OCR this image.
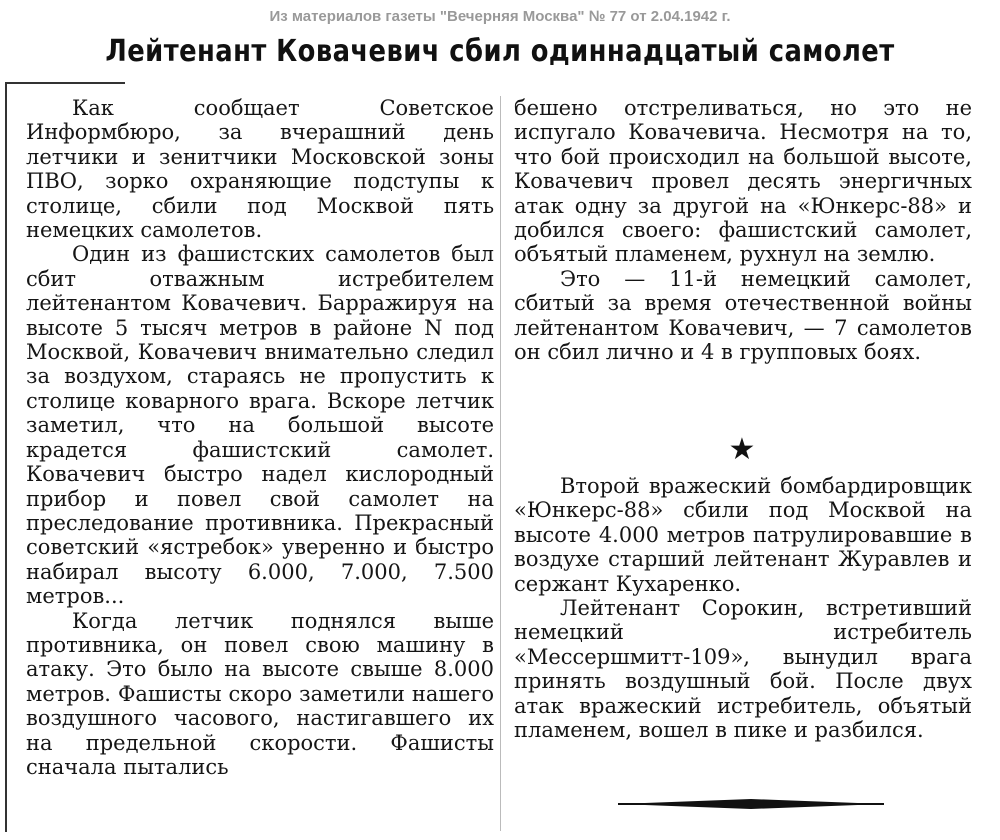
Из материалов газеты "Вечерняя Москва" № 77 от 2.04.1942 г.
Лейтенант Ковачевич сбил одиннадцатый самолет

Как сообщает Советское Информбюро, за вчерашний день летчики и зенитчики Московской зоны ПВО, зорко охраняющие подступы к столице, сбили под Москвой пять немецких самолетов.

Один из фашистских самолетов был сбит отважным истребителем лейтенантом Ковачевич. Барражируя на высоте 5 тысяч метров в районе N под Москвой, Ковачевич внимательно следил за воздухом, стараясь не пропустить к столице коварного врага. Вскоре летчик заметил, что на большой высоте крадется фашистский самолет. Ковачевич быстро надел кислородный прибор и повел свой самолет на преследование противника. Прекрасный советский «ястребок» уверенно и быстро набирал высоту 6.000, 7.000, 7.500 метров...

Когда летчик поднялся выше противника, он повел свою машину в атаку. Это было на высоте свыше 8.000 метров. Фашисты скоро заметили нашего воздушного часового, настигавшего их на предельной скорости. Фашисты сначала пытались

бешено отстреливаться, но это не испугало Ковачевича. Несмотря на то, что бой происходил на большой высоте, Ковачевич провел десять энергичных атак одну за другой на «Юнкерс-88» и добился своего: фашистский самолет, объятый пламенем, рухнул на землю.

Это — 11-й немецкий самолет, сбитый за время отечественной войны лейтенантом Ковачевич, — 7 самолетов он сбил лично и 4 в групповых боях.

★

Второй вражеский бомбардировщик «Юнкерс-88» сбили под Москвой на высоте 4.000 метров патрулировавшие в воздухе старший лейтенант Журавлев и сержант Кухаренко.

Лейтенант Сорокин, встретивший немецкий истребитель «Мессершмитт-109», вынудил врага принять воздушный бой. После двух атак вражеский истребитель, объятый пламенем, вошел в пике и разбился.
